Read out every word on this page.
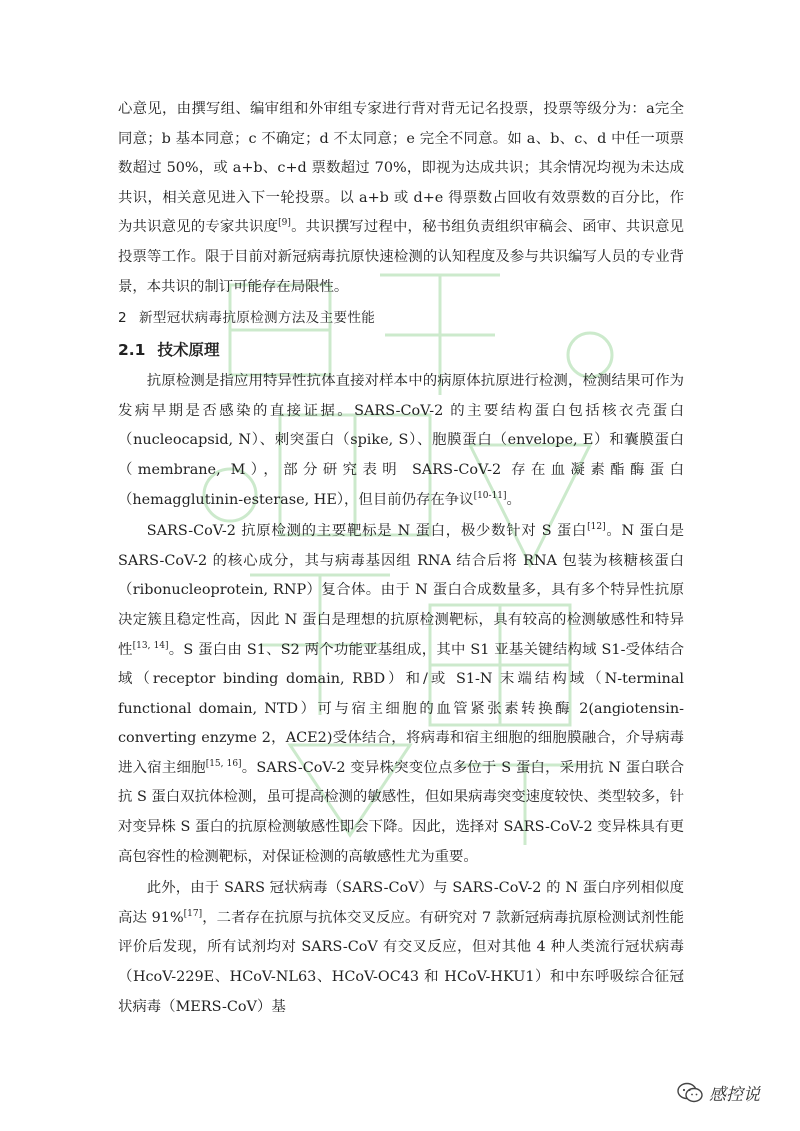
心意见，由撰写组、编审组和外审组专家进行背对背无记名投票，投票等级分为：a完全同意；b 基本同意；c 不确定；d 不太同意；e 完全不同意。如 a、b、c、d 中任一项票数超过 50%，或 a+b、c+d 票数超过 70%，即视为达成共识；其余情况均视为未达成共识，相关意见进入下一轮投票。以 a+b 或 d+e 得票数占回收有效票数的百分比，作为共识意见的专家共识度[9]。共识撰写过程中，秘书组负责组织审稿会、函审、共识意见投票等工作。限于目前对新冠病毒抗原快速检测的认知程度及参与共识编写人员的专业背景，本共识的制订可能存在局限性。

2 新型冠状病毒抗原检测方法及主要性能

2.1 技术原理

抗原检测是指应用特异性抗体直接对样本中的病原体抗原进行检测，检测结果可作为发病早期是否感染的直接证据。SARS-CoV-2 的主要结构蛋白包括核衣壳蛋白（nucleocapsid, N）、刺突蛋白（spike, S）、胞膜蛋白（envelope, E）和囊膜蛋白（membrane, M），部分研究表明 SARS-CoV-2 存在血凝素酯酶蛋白（hemagglutinin-esterase, HE），但目前仍存在争议[10-11]。

SARS-CoV-2 抗原检测的主要靶标是 N 蛋白，极少数针对 S 蛋白[12]。N 蛋白是 SARS-CoV-2 的核心成分，其与病毒基因组 RNA 结合后将 RNA 包装为核糖核蛋白（ribonucleoprotein, RNP）复合体。由于 N 蛋白合成数量多，具有多个特异性抗原决定簇且稳定性高，因此 N 蛋白是理想的抗原检测靶标，具有较高的检测敏感性和特异性[13, 14]。S 蛋白由 S1、S2 两个功能亚基组成，其中 S1 亚基关键结构域 S1-受体结合域（receptor binding domain, RBD）和/或 S1-N 末端结构域（N-terminal functional domain, NTD）可与宿主细胞的血管紧张素转换酶 2(angiotensin-converting enzyme 2，ACE2)受体结合，将病毒和宿主细胞的细胞膜融合，介导病毒进入宿主细胞[15, 16]。SARS-CoV-2 变异株突变位点多位于 S 蛋白，采用抗 N 蛋白联合抗 S 蛋白双抗体检测，虽可提高检测的敏感性，但如果病毒突变速度较快、类型较多，针对变异株 S 蛋白的抗原检测敏感性即会下降。因此，选择对 SARS-CoV-2 变异株具有更高包容性的检测靶标，对保证检测的高敏感性尤为重要。

此外，由于 SARS 冠状病毒（SARS-CoV）与 SARS-CoV-2 的 N 蛋白序列相似度高达 91%[17]，二者存在抗原与抗体交叉反应。有研究对 7 款新冠病毒抗原检测试剂性能评价后发现，所有试剂均对 SARS-CoV 有交叉反应，但对其他 4 种人类流行冠状病毒（HcoV-229E、HCoV-NL63、HCoV-OC43 和 HCoV-HKU1）和中东呼吸综合征冠状病毒（MERS-CoV）基

感控说
